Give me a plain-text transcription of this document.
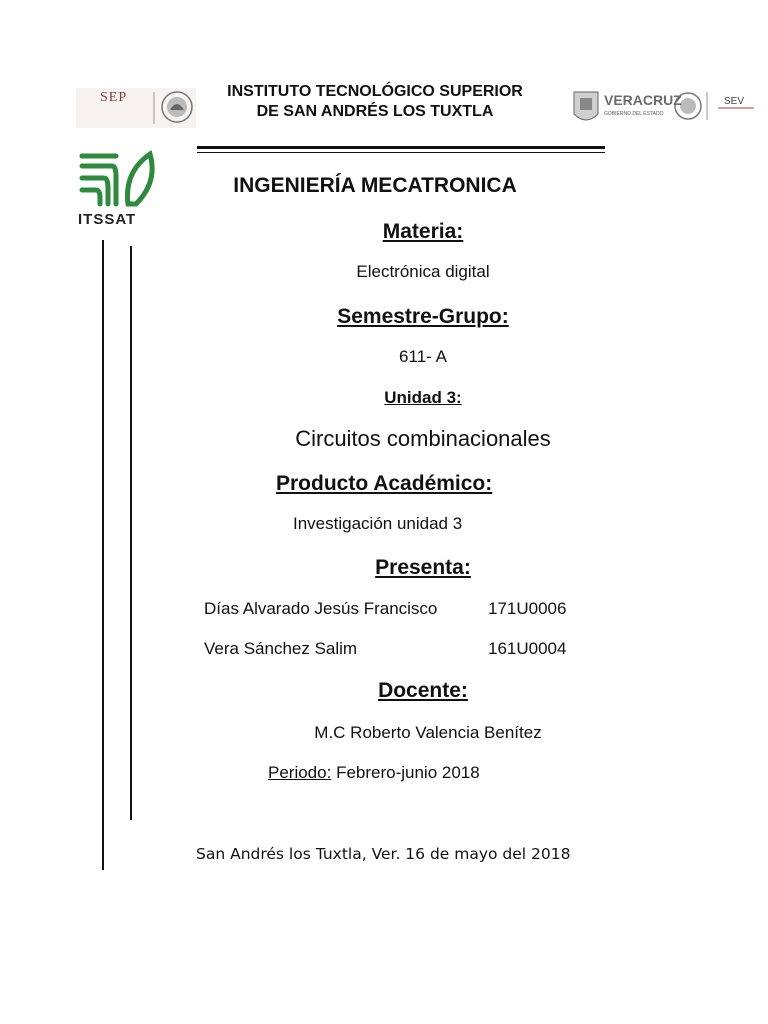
INSTITUTO TECNOLÓGICO SUPERIOR
DE SAN ANDRÉS LOS TUXTLA
SEP	VERACRUZ
GOBIERNO DEL ESTADO
SEV
ITSSAT
INGENIERÍA MECATRONICA
Materia:
Electrónica digital
Semestre-Grupo:
611- A
Unidad 3:
Circuitos combinacionales
Producto Académico:
Investigación unidad 3
Presenta:
Días Alvarado Jesús Francisco	171U0006
Vera Sánchez Salim	161U0004
Docente:
M.C Roberto Valencia Benítez
Periodo: Febrero-junio 2018
San Andrés los Tuxtla, Ver. 16 de mayo del 2018
